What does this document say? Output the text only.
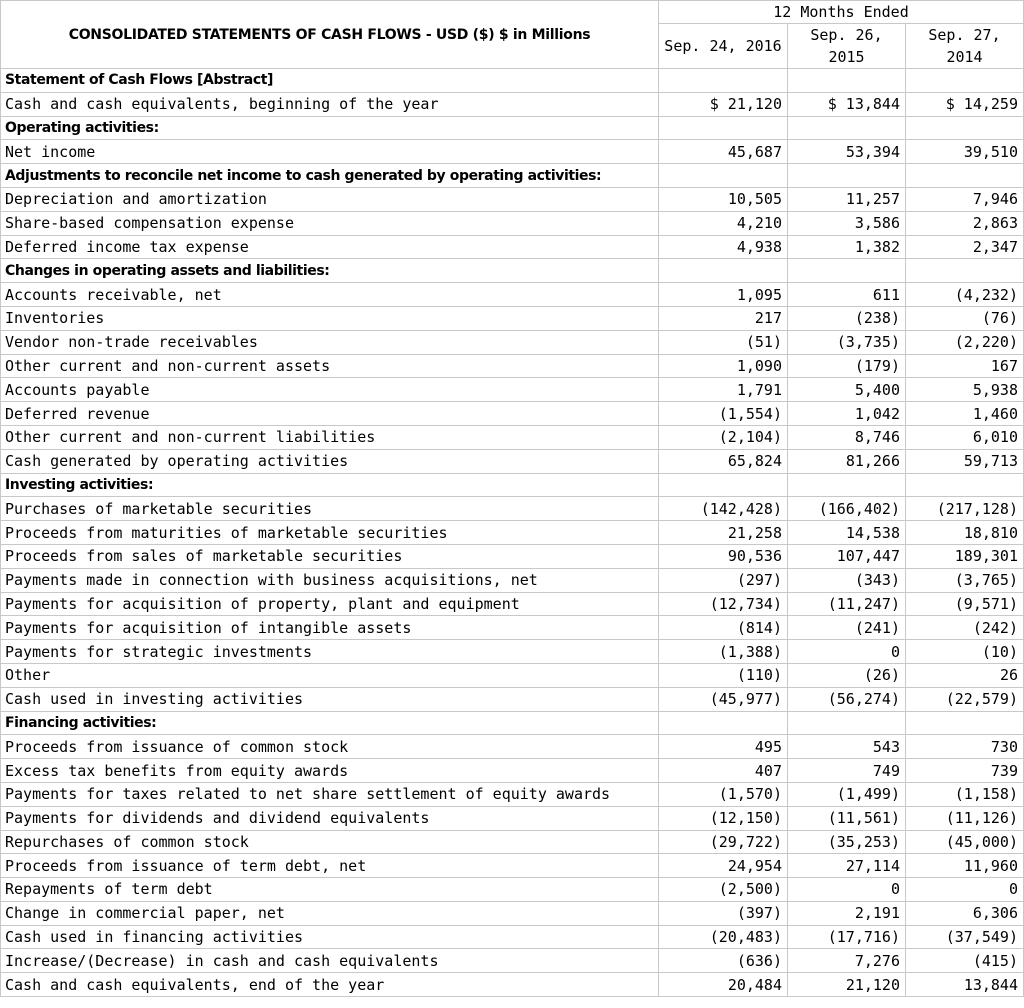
CONSOLIDATED STATEMENTS OF CASH FLOWS - USD ($) $ in Millions	12 Months Ended		
	Sep. 24, 2016	Sep. 26, 2015	Sep. 27, 2014
Statement of Cash Flows [Abstract]			
Cash and cash equivalents, beginning of the year	$ 21,120	$ 13,844	$ 14,259
Operating activities:			
Net income	45,687	53,394	39,510
Adjustments to reconcile net income to cash generated by operating activities:			
Depreciation and amortization	10,505	11,257	7,946
Share-based compensation expense	4,210	3,586	2,863
Deferred income tax expense	4,938	1,382	2,347
Changes in operating assets and liabilities:			
Accounts receivable, net	1,095	611	(4,232)
Inventories	217	(238)	(76)
Vendor non-trade receivables	(51)	(3,735)	(2,220)
Other current and non-current assets	1,090	(179)	167
Accounts payable	1,791	5,400	5,938
Deferred revenue	(1,554)	1,042	1,460
Other current and non-current liabilities	(2,104)	8,746	6,010
Cash generated by operating activities	65,824	81,266	59,713
Investing activities:			
Purchases of marketable securities	(142,428)	(166,402)	(217,128)
Proceeds from maturities of marketable securities	21,258	14,538	18,810
Proceeds from sales of marketable securities	90,536	107,447	189,301
Payments made in connection with business acquisitions, net	(297)	(343)	(3,765)
Payments for acquisition of property, plant and equipment	(12,734)	(11,247)	(9,571)
Payments for acquisition of intangible assets	(814)	(241)	(242)
Payments for strategic investments	(1,388)	0	(10)
Other	(110)	(26)	26
Cash used in investing activities	(45,977)	(56,274)	(22,579)
Financing activities:			
Proceeds from issuance of common stock	495	543	730
Excess tax benefits from equity awards	407	749	739
Payments for taxes related to net share settlement of equity awards	(1,570)	(1,499)	(1,158)
Payments for dividends and dividend equivalents	(12,150)	(11,561)	(11,126)
Repurchases of common stock	(29,722)	(35,253)	(45,000)
Proceeds from issuance of term debt, net	24,954	27,114	11,960
Repayments of term debt	(2,500)	0	0
Change in commercial paper, net	(397)	2,191	6,306
Cash used in financing activities	(20,483)	(17,716)	(37,549)
Increase/(Decrease) in cash and cash equivalents	(636)	7,276	(415)
Cash and cash equivalents, end of the year	20,484	21,120	13,844
